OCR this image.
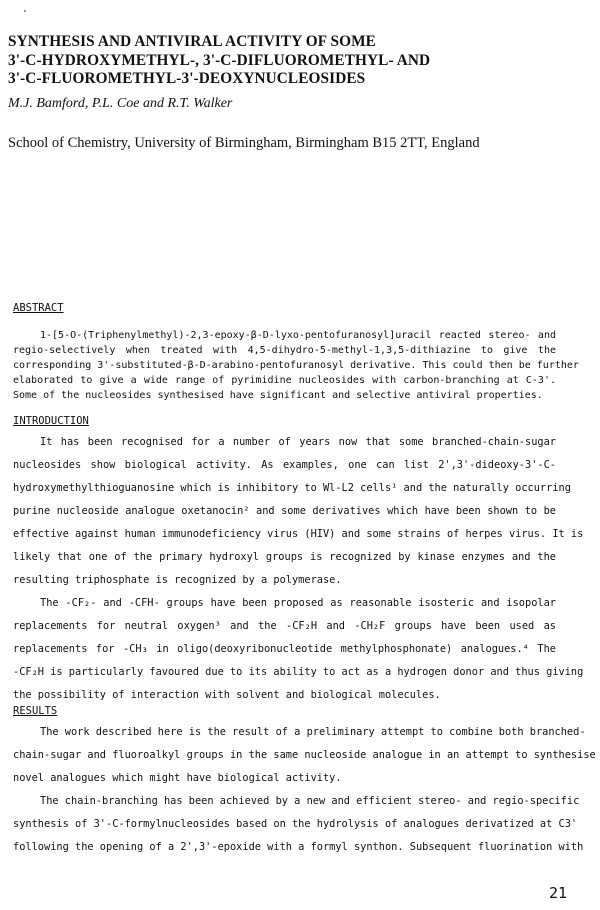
SYNTHESIS AND ANTIVIRAL ACTIVITY OF SOME
3'-C-HYDROXYMETHYL-, 3'-C-DIFLUOROMETHYL- AND
3'-C-FLUOROMETHYL-3'-DEOXYNUCLEOSIDES
M.J. Bamford, P.L. Coe and R.T. Walker
School of Chemistry, University of Birmingham, Birmingham B15 2TT, England
ABSTRACT
1-[5-O-(Triphenylmethyl)-2,3-epoxy-β-D-lyxo-pentofuranosyl]uracil reacted stereo- and
regio-selectively when treated with 4,5-dihydro-5-methyl-1,3,5-dithiazine to give the
corresponding 3'-substituted-β-D-arabino-pentofuranosyl derivative. This could then be further
elaborated to give a wide range of pyrimidine nucleosides with carbon-branching at C-3'.
Some of the nucleosides synthesised have significant and selective antiviral properties.
INTRODUCTION
It has been recognised for a number of years now that some branched-chain-sugar
nucleosides show biological activity. As examples, one can list 2',3'-dideoxy-3'-C-
hydroxymethylthioguanosine which is inhibitory to Wl-L2 cells¹ and the naturally occurring
purine nucleoside analogue oxetanocin² and some derivatives which have been shown to be
effective against human immunodeficiency virus (HIV) and some strains of herpes virus. It is
likely that one of the primary hydroxyl groups is recognized by kinase enzymes and the
resulting triphosphate is recognized by a polymerase.
The -CF₂- and -CFH- groups have been proposed as reasonable isosteric and isopolar
replacements for neutral oxygen³ and the -CF₂H and -CH₂F groups have been used as
replacements for -CH₃ in oligo(deoxyribonucleotide methylphosphonate) analogues.⁴ The
-CF₂H is particularly favoured due to its ability to act as a hydrogen donor and thus giving
the possibility of interaction with solvent and biological molecules.
RESULTS
The work described here is the result of a preliminary attempt to combine both branched-
chain-sugar and fluoroalkyl groups in the same nucleoside analogue in an attempt to synthesise
novel analogues which might have biological activity.
The chain-branching has been achieved by a new and efficient stereo- and regio-specific
synthesis of 3'-C-formylnucleosides based on the hydrolysis of analogues derivatized at C3'
following the opening of a 2',3'-epoxide with a formyl synthon. Subsequent fluorination with
21
